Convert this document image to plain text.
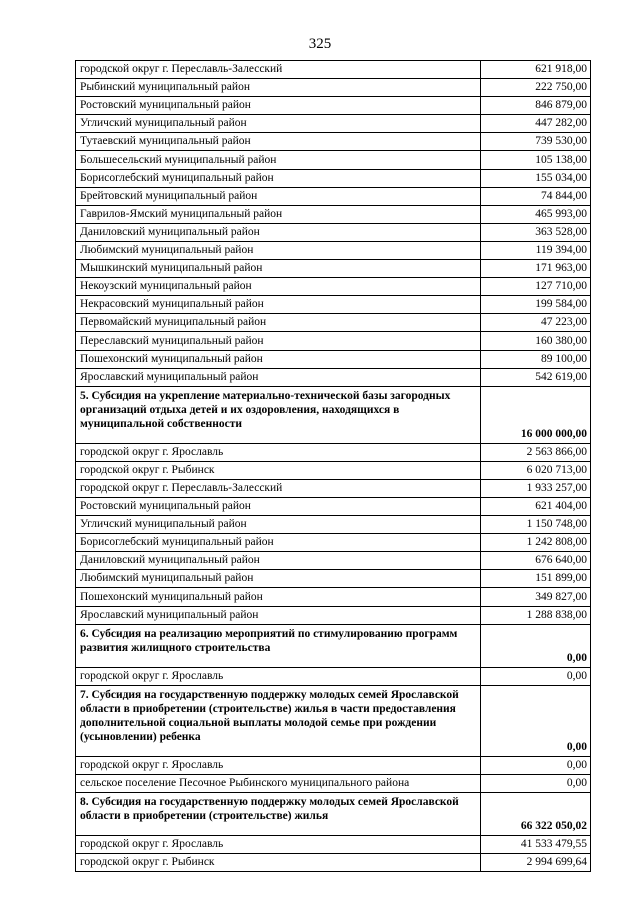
325
городской округ г. Переславль-Залесский	621 918,00
Рыбинский муниципальный район	222 750,00
Ростовский муниципальный район	846 879,00
Угличский муниципальный район	447 282,00
Тутаевский муниципальный район	739 530,00
Большесельский муниципальный район	105 138,00
Борисоглебский муниципальный район	155 034,00
Брейтовский муниципальный район	74 844,00
Гаврилов-Ямский муниципальный район	465 993,00
Даниловский муниципальный район	363 528,00
Любимский муниципальный район	119 394,00
Мышкинский муниципальный район	171 963,00
Некоузский муниципальный район	127 710,00
Некрасовский муниципальный район	199 584,00
Первомайский муниципальный район	47 223,00
Переславский муниципальный район	160 380,00
Пошехонский муниципальный район	89 100,00
Ярославский муниципальный район	542 619,00
5. Субсидия на укрепление материально-технической базы загородных организаций отдыха детей и их оздоровления, находящихся в муниципальной собственности	16 000 000,00
городской округ г. Ярославль	2 563 866,00
городской округ г. Рыбинск	6 020 713,00
городской округ г. Переславль-Залесский	1 933 257,00
Ростовский муниципальный район	621 404,00
Угличский муниципальный район	1 150 748,00
Борисоглебский муниципальный район	1 242 808,00
Даниловский муниципальный район	676 640,00
Любимский муниципальный район	151 899,00
Пошехонский муниципальный район	349 827,00
Ярославский муниципальный район	1 288 838,00
6. Субсидия на реализацию мероприятий по стимулированию программ развития жилищного строительства	0,00
городской округ г. Ярославль	0,00
7. Субсидия на государственную поддержку молодых семей Ярославской области в приобретении (строительстве) жилья в части предоставления дополнительной социальной выплаты молодой семье при рождении (усыновлении) ребенка	0,00
городской округ г. Ярославль	0,00
сельское поселение Песочное Рыбинского муниципального района	0,00
8. Субсидия на государственную поддержку молодых семей Ярославской области в приобретении (строительстве) жилья	66 322 050,02
городской округ г. Ярославль	41 533 479,55
городской округ г. Рыбинск	2 994 699,64
